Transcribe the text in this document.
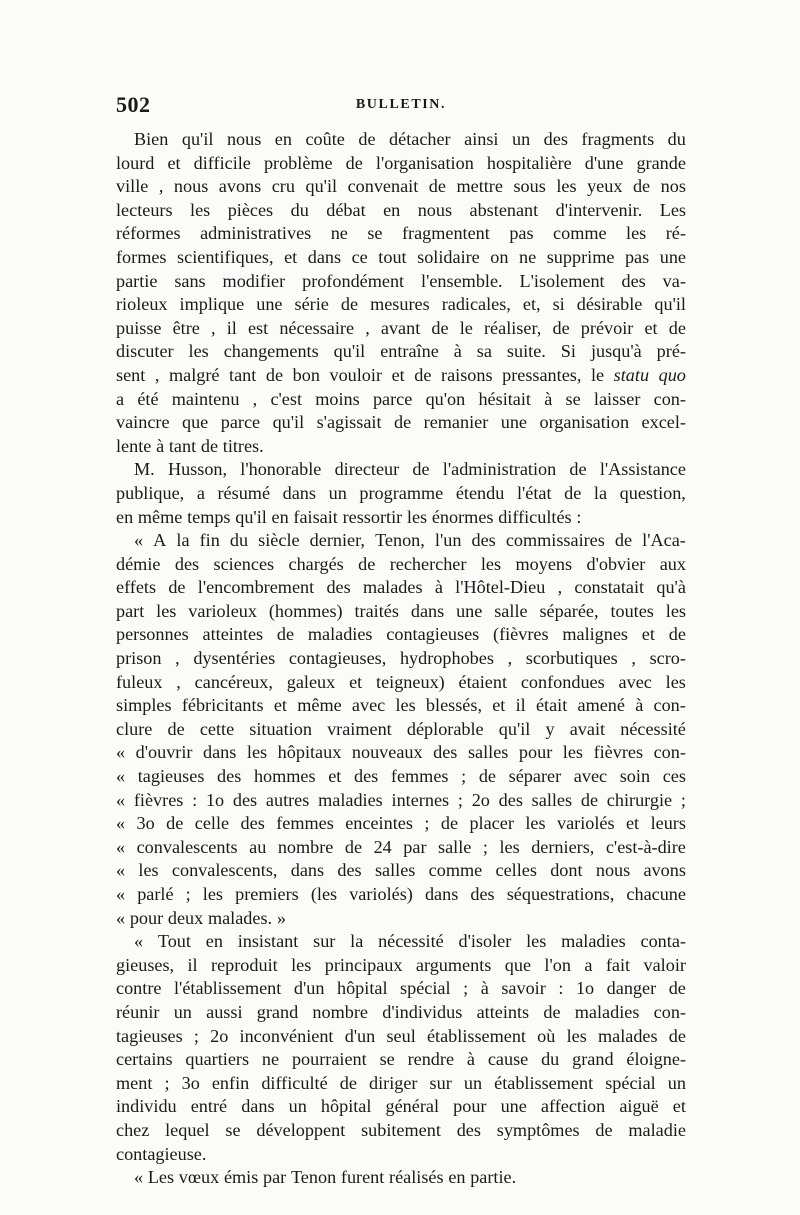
502	BULLETIN.
Bien qu'il nous en coûte de détacher ainsi un des fragments du
lourd et difficile problème de l'organisation hospitalière d'une grande
ville , nous avons cru qu'il convenait de mettre sous les yeux de nos
lecteurs les pièces du débat en nous abstenant d'intervenir. Les
réformes administratives ne se fragmentent pas comme les ré-
formes scientifiques, et dans ce tout solidaire on ne supprime pas une
partie sans modifier profondément l'ensemble. L'isolement des va-
rioleux implique une série de mesures radicales, et, si désirable qu'il
puisse être , il est nécessaire , avant de le réaliser, de prévoir et de
discuter les changements qu'il entraîne à sa suite. Si jusqu'à pré-
sent , malgré tant de bon vouloir et de raisons pressantes, le statu quo
a été maintenu , c'est moins parce qu'on hésitait à se laisser con-
vaincre que parce qu'il s'agissait de remanier une organisation excel-
lente à tant de titres.
M. Husson, l'honorable directeur de l'administration de l'Assistance
publique, a résumé dans un programme étendu l'état de la question,
en même temps qu'il en faisait ressortir les énormes difficultés :
« A la fin du siècle dernier, Tenon, l'un des commissaires de l'Aca-
démie des sciences chargés de rechercher les moyens d'obvier aux
effets de l'encombrement des malades à l'Hôtel-Dieu , constatait qu'à
part les varioleux (hommes) traités dans une salle séparée, toutes les
personnes atteintes de maladies contagieuses (fièvres malignes et de
prison , dysentéries contagieuses, hydrophobes , scorbutiques , scro-
fuleux , cancéreux, galeux et teigneux) étaient confondues avec les
simples fébricitants et même avec les blessés, et il était amené à con-
clure de cette situation vraiment déplorable qu'il y avait nécessité
« d'ouvrir dans les hôpitaux nouveaux des salles pour les fièvres con-
« tagieuses des hommes et des femmes ; de séparer avec soin ces
« fièvres : 1o des autres maladies internes ; 2o des salles de chirurgie ;
« 3o de celle des femmes enceintes ; de placer les variolés et leurs
« convalescents au nombre de 24 par salle ; les derniers, c'est-à-dire
« les convalescents, dans des salles comme celles dont nous avons
« parlé ; les premiers (les variolés) dans des séquestrations, chacune
« pour deux malades. »
« Tout en insistant sur la nécessité d'isoler les maladies conta-
gieuses, il reproduit les principaux arguments que l'on a fait valoir
contre l'établissement d'un hôpital spécial ; à savoir : 1o danger de
réunir un aussi grand nombre d'individus atteints de maladies con-
tagieuses ; 2o inconvénient d'un seul établissement où les malades de
certains quartiers ne pourraient se rendre à cause du grand éloigne-
ment ; 3o enfin difficulté de diriger sur un établissement spécial un
individu entré dans un hôpital général pour une affection aiguë et
chez lequel se développent subitement des symptômes de maladie
contagieuse.
« Les vœux émis par Tenon furent réalisés en partie.
